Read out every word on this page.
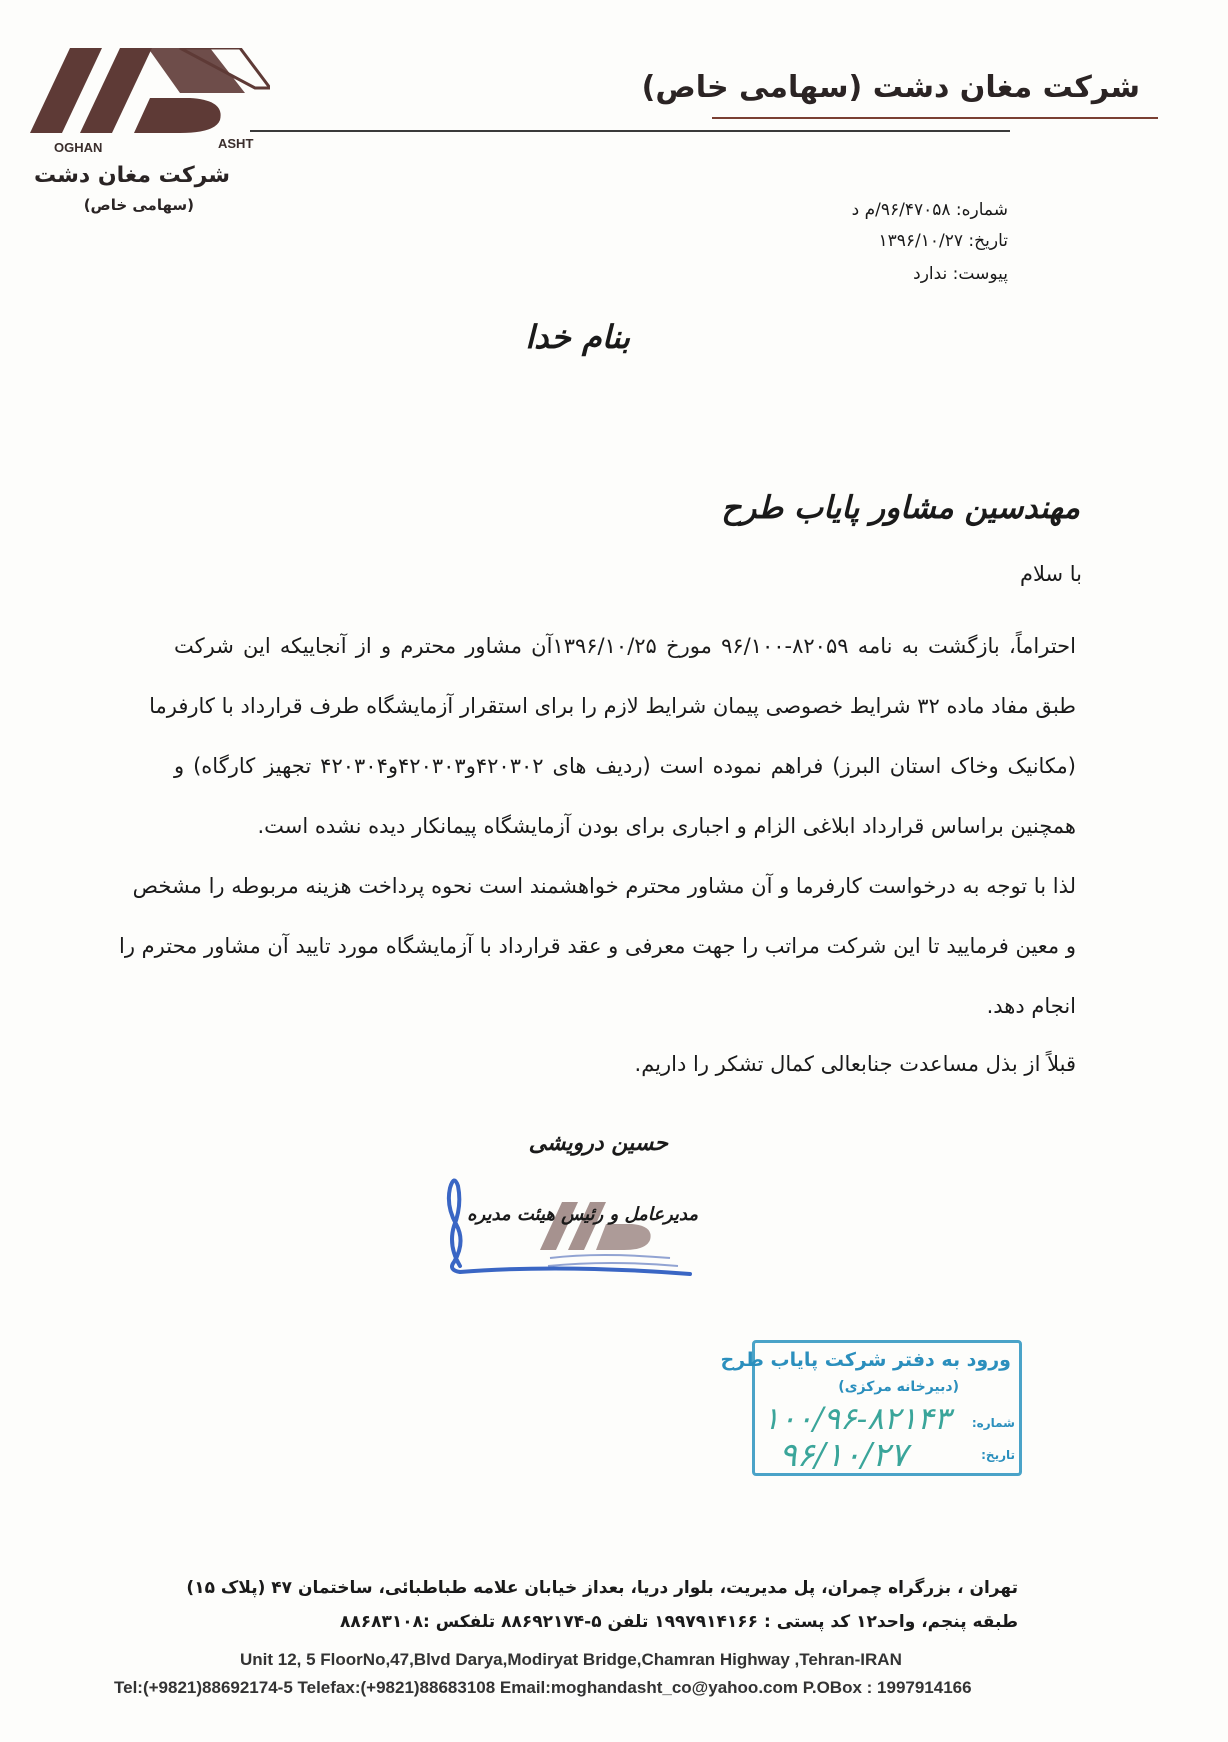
OGHAN	ASHT
شرکت مغان دشت
(سهامی خاص)
شرکت مغان دشت (سهامی خاص)
شماره: ۹۶/۴۷۰۵۸/م د
تاریخ: ۱۳۹۶/۱۰/۲۷
پیوست: ندارد
بنام خدا
مهندسین مشاور پایاب طرح
با سلام
احتراماً، بازگشت به نامه ۸۲۰۵۹-۹۶/۱۰۰ مورخ ۱۳۹۶/۱۰/۲۵آن مشاور محترم و از آنجاییکه این شرکت
طبق مفاد ماده ۳۲ شرایط خصوصی پیمان شرایط لازم را برای استقرار آزمایشگاه طرف قرارداد با کارفرما
(مکانیک وخاک استان البرز) فراهم نموده است (ردیف های ۴۲۰۳۰۲و۴۲۰۳۰۳و۴۲۰۳۰۴ تجهیز کارگاه) و
همچنین براساس قرارداد ابلاغی الزام و اجباری برای بودن آزمایشگاه پیمانکار دیده نشده است.
لذا با توجه به درخواست کارفرما و آن مشاور محترم خواهشمند است نحوه پرداخت هزینه مربوطه را مشخص
و معین فرمایید تا این شرکت مراتب را جهت معرفی و عقد قرارداد با آزمایشگاه مورد تایید آن مشاور محترم را
انجام دهد.
قبلاً از بذل مساعدت جنابعالی کمال تشکر را داریم.
حسین درویشی
مدیرعامل و رئیس هیئت مدیره
ورود به دفتر شرکت پایاب طرح
(دبیرخانه مرکزی)
شماره:
۱۰۰/۹۶-۸۲۱۴۳
تاریخ:
۹۶/۱۰/۲۷
تهران ، بزرگراه چمران، پل مدیریت، بلوار دریا، بعداز خیابان علامه طباطبائی، ساختمان ۴۷ (پلاک ۱۵)
طبقه پنجم، واحد۱۲ کد پستی : ۱۹۹۷۹۱۴۱۶۶ تلفن ۵-۸۸۶۹۲۱۷۴ تلفکس :۸۸۶۸۳۱۰۸
Unit 12, 5 FloorNo,47,Blvd Darya,Modiryat Bridge,Chamran Highway ,Tehran-IRAN
Tel:(+9821)88692174-5 Telefax:(+9821)88683108 Email:moghandasht_co@yahoo.com P.OBox : 1997914166
